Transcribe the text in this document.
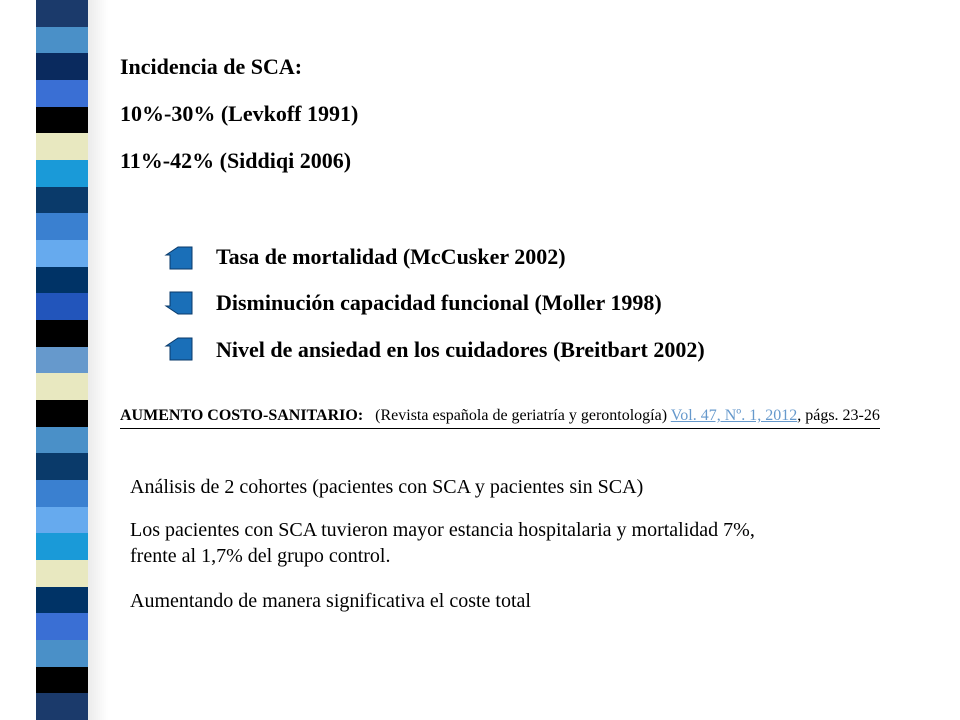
Incidencia de SCA:
10%-30% (Levkoff 1991)
11%-42% (Siddiqi 2006)
Tasa de mortalidad (McCusker 2002)
Disminución capacidad funcional (Moller 1998)
Nivel de ansiedad en los cuidadores (Breitbart 2002)
AUMENTO COSTO-SANITARIO: (Revista española de geriatría y gerontología) Vol. 47, Nº. 1, 2012, págs. 23-26
Análisis de 2 cohortes (pacientes con SCA y pacientes sin SCA)
Los pacientes con SCA tuvieron mayor estancia hospitalaria y mortalidad 7%,
frente al 1,7% del grupo control.
Aumentando de manera significativa el coste total
